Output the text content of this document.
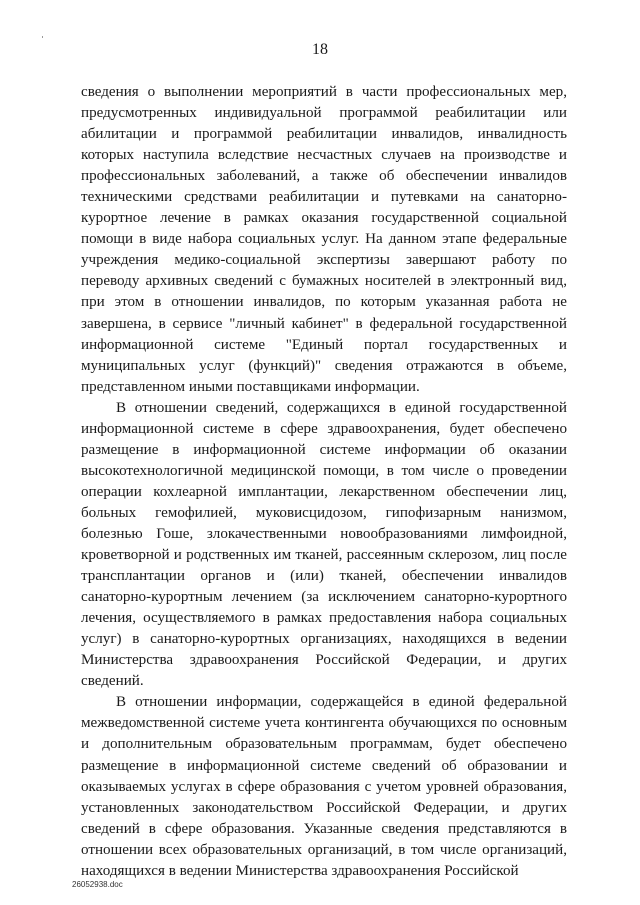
18

сведения о выполнении мероприятий в части профессиональных мер, предусмотренных индивидуальной программой реабилитации или абилитации и программой реабилитации инвалидов, инвалидность которых наступила вследствие несчастных случаев на производстве и профессиональных заболеваний, а также об обеспечении инвалидов техническими средствами реабилитации и путевками на санаторно-курортное лечение в рамках оказания государственной социальной помощи в виде набора социальных услуг. На данном этапе федеральные учреждения медико-социальной экспертизы завершают работу по переводу архивных сведений с бумажных носителей в электронный вид, при этом в отношении инвалидов, по которым указанная работа не завершена, в сервисе "личный кабинет" в федеральной государственной информационной системе "Единый портал государственных и муниципальных услуг (функций)" сведения отражаются в объеме, представленном иными поставщиками информации.

В отношении сведений, содержащихся в единой государственной информационной системе в сфере здравоохранения, будет обеспечено размещение в информационной системе информации об оказании высокотехнологичной медицинской помощи, в том числе о проведении операции кохлеарной имплантации, лекарственном обеспечении лиц, больных гемофилией, муковисцидозом, гипофизарным нанизмом, болезнью Гоше, злокачественными новообразованиями лимфоидной, кроветворной и родственных им тканей, рассеянным склерозом, лиц после трансплантации органов и (или) тканей, обеспечении инвалидов санаторно-курортным лечением (за исключением санаторно-курортного лечения, осуществляемого в рамках предоставления набора социальных услуг) в санаторно-курортных организациях, находящихся в ведении Министерства здравоохранения Российской Федерации, и других сведений.

В отношении информации, содержащейся в единой федеральной межведомственной системе учета контингента обучающихся по основным и дополнительным образовательным программам, будет обеспечено размещение в информационной системе сведений об образовании и оказываемых услугах в сфере образования с учетом уровней образования, установленных законодательством Российской Федерации, и других сведений в сфере образования. Указанные сведения представляются в отношении всех образовательных организаций, в том числе организаций, находящихся в ведении Министерства здравоохранения Российской

26052938.doc
